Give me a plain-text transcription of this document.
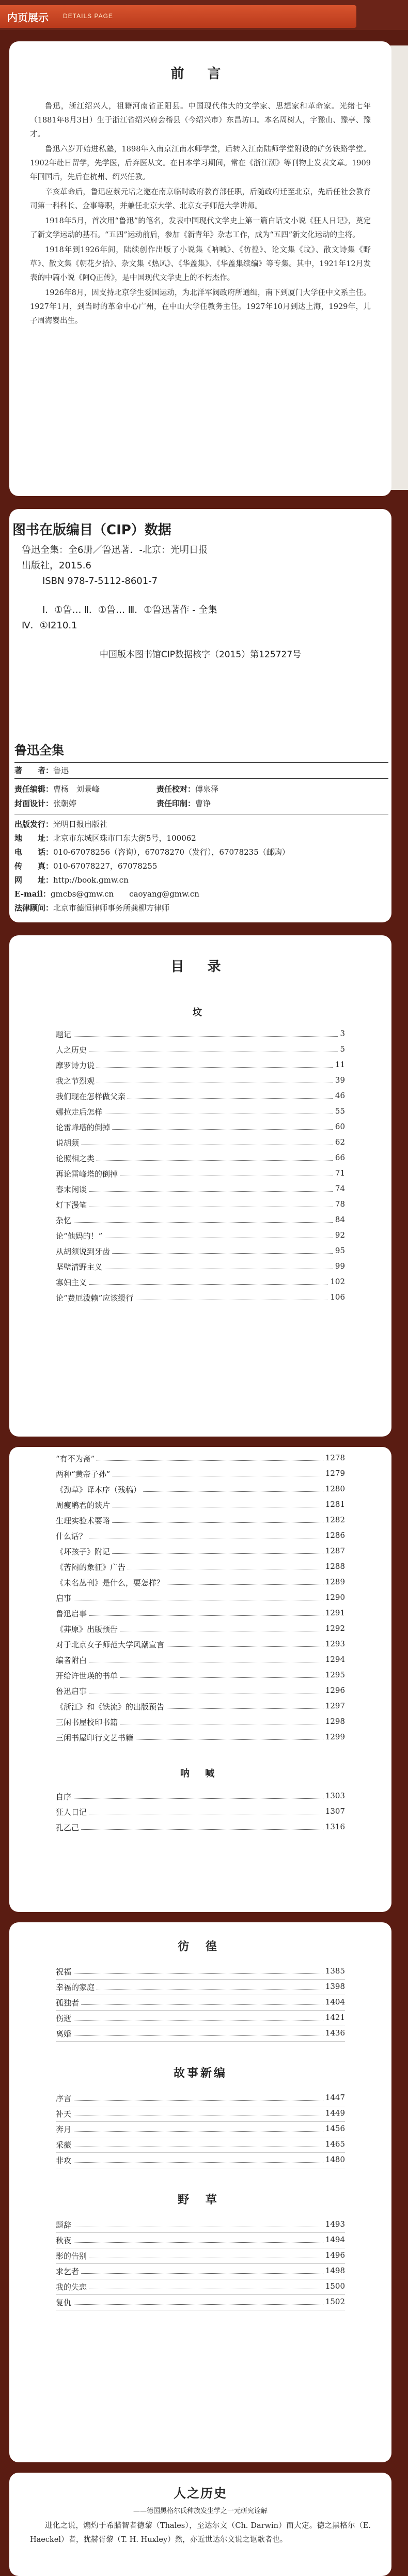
内页展示 DETAILS PAGE
前 言

鲁迅，浙江绍兴人，祖籍河南省正阳县。中国现代伟大的文学家、思想家和革命家。光绪七年（1881年8月3日）生于浙江省绍兴府会稽县（今绍兴市）东昌坊口。本名周树人，字豫山、豫亭、豫才。

鲁迅六岁开始进私塾，1898年入南京江南水师学堂，后转入江南陆师学堂附设的矿务铁路学堂。1902年赴日留学，先学医，后弃医从文。在日本学习期间，常在《浙江潮》等刊物上发表文章。1909年回国后，先后在杭州、绍兴任教。

辛亥革命后，鲁迅应蔡元培之邀在南京临时政府教育部任职，后随政府迁至北京，先后任社会教育司第一科科长、佥事等职，并兼任北京大学、北京女子师范大学讲师。

1918年5月，首次用“鲁迅”的笔名，发表中国现代文学史上第一篇白话文小说《狂人日记》，奠定了新文学运动的基石。“五四”运动前后，参加《新青年》杂志工作，成为“五四”新文化运动的主将。

1918年到1926年间，陆续创作出版了小说集《呐喊》、《彷徨》、论文集《坟》、散文诗集《野草》、散文集《朝花夕拾》、杂文集《热风》、《华盖集》、《华盖集续编》等专集。其中，1921年12月发表的中篇小说《阿Q正传》，是中国现代文学史上的不朽杰作。

1926年8月，因支持北京学生爱国运动，为北洋军阀政府所通缉，南下到厦门大学任中文系主任。1927年1月，到当时的革命中心广州，在中山大学任教务主任。1927年10月到达上海，1929年，儿子周海婴出生。

图书在版编目（CIP）数据
鲁迅全集：全6册／鲁迅著．-北京：光明日报
出版社，2015.6
ISBN 978-7-5112-8601-7
Ⅰ．①鲁… Ⅱ．①鲁… Ⅲ．①鲁迅著作 - 全集
Ⅳ．①I210.1
中国版本图书馆CIP数据核字（2015）第125727号
鲁迅全集
著　　者：鲁迅
责任编辑：曹杨　刘景峰	责任校对：傅泉泽
封面设计：张朝婷	责任印制：曹诤
出版发行：光明日报出版社
地　　址：北京市东城区珠市口东大街5号，100062
电　　话：010-67078256（咨询），67078270（发行），67078235（邮购）
传　　真：010-67078227，67078255
网　　址：http://book.gmw.cn
E-mail：gmcbs@gmw.cn　　caoyang@gmw.cn
法律顾问：北京市德恒律师事务所龚柳方律师
目 录
坟
题记	3
人之历史	5
摩罗诗力说	11
我之节烈观	39
我们现在怎样做父亲	46
娜拉走后怎样	55
论雷峰塔的倒掉	60
说胡须	62
论照相之类	66
再论雷峰塔的倒掉	71
春末闲谈	74
灯下漫笔	78
杂忆	84
论“他妈的！”	92
从胡须说到牙齿	95
坚壁清野主义	99
寡妇主义	102
论“费厄泼赖”应该缓行	106
“有不为斋”	1278
两种“黄帝子孙”	1279
《劲草》译本序（残稿）	1280
周瘦鹃君的谈片	1281
生理实验术要略	1282
什么话？	1286
《坏孩子》附记	1287
《苦闷的象征》广告	1288
《未名丛刊》是什么，要怎样？	1289
启事	1290
鲁迅启事	1291
《莽原》出版预告	1292
对于北京女子师范大学风潮宣言	1293
编者附白	1294
开给许世瑛的书单	1295
鲁迅启事	1296
《浙江》和《铁流》的出版预告	1297
三闲书屋校印书籍	1298
三闲书屋印行文艺书籍	1299
呐 喊
自序	1303
狂人日记	1307
孔乙己	1316
彷 徨
祝福	1385
幸福的家庭	1398
孤独者	1404
伤逝	1421
离婚	1436
故事新编
序言	1447
补天	1449
奔月	1456
采薇	1465
非攻	1480
野 草
题辞	1493
秋夜	1494
影的告别	1496
求乞者	1498
我的失恋	1500
复仇	1502
人之历史
——德国黑格尔氏种族发生学之一元研究诠解

进化之说，煽灼于希腊智者德黎（Thales），至达尔文（Ch. Darwin）而大定。德之黑格尔（E. Haeckel）者，犹赫胥黎（T. H. Huxley）然，亦近世达尔文说之讴歌者也。
